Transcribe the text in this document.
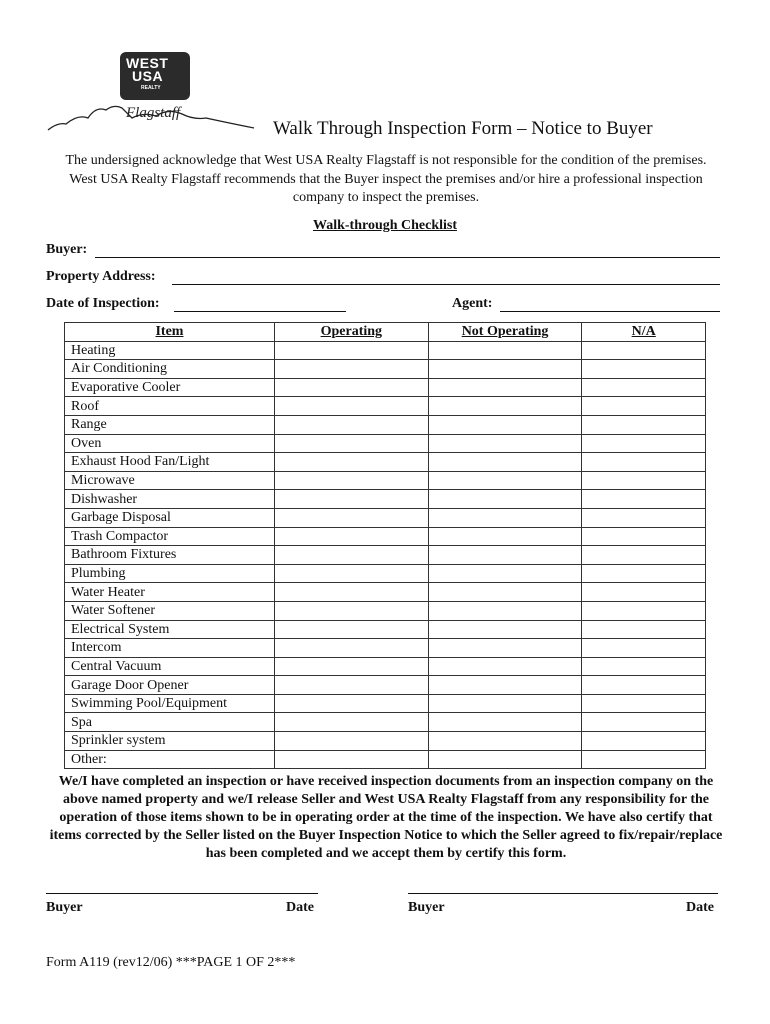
WEST
USA
REALTY
Flagstaff
Walk Through Inspection Form – Notice to Buyer
The undersigned acknowledge that West USA Realty Flagstaff is not responsible for the condition of the premises. West USA Realty Flagstaff recommends that the Buyer inspect the premises and/or hire a professional inspection company to inspect the premises.
Walk-through Checklist
Buyer:
Property Address:
Date of Inspection:	Agent:
Item	Operating	Not Operating	N/A
Heating			
Air Conditioning			
Evaporative Cooler			
Roof			
Range			
Oven			
Exhaust Hood Fan/Light			
Microwave			
Dishwasher			
Garbage Disposal			
Trash Compactor			
Bathroom Fixtures			
Plumbing			
Water Heater			
Water Softener			
Electrical System			
Intercom			
Central Vacuum			
Garage Door Opener			
Swimming Pool/Equipment			
Spa			
Sprinkler system			
Other:			
We/I have completed an inspection or have received inspection documents from an inspection company on the above named property and we/I release Seller and West USA Realty Flagstaff from any responsibility for the operation of those items shown to be in operating order at the time of the inspection. We have also certify that items corrected by the Seller listed on the Buyer Inspection Notice to which the Seller agreed to fix/repair/replace has been completed and we accept them by certify this form.
Buyer	Date	Buyer	Date
Form A119 (rev12/06) ***PAGE 1 OF 2***
